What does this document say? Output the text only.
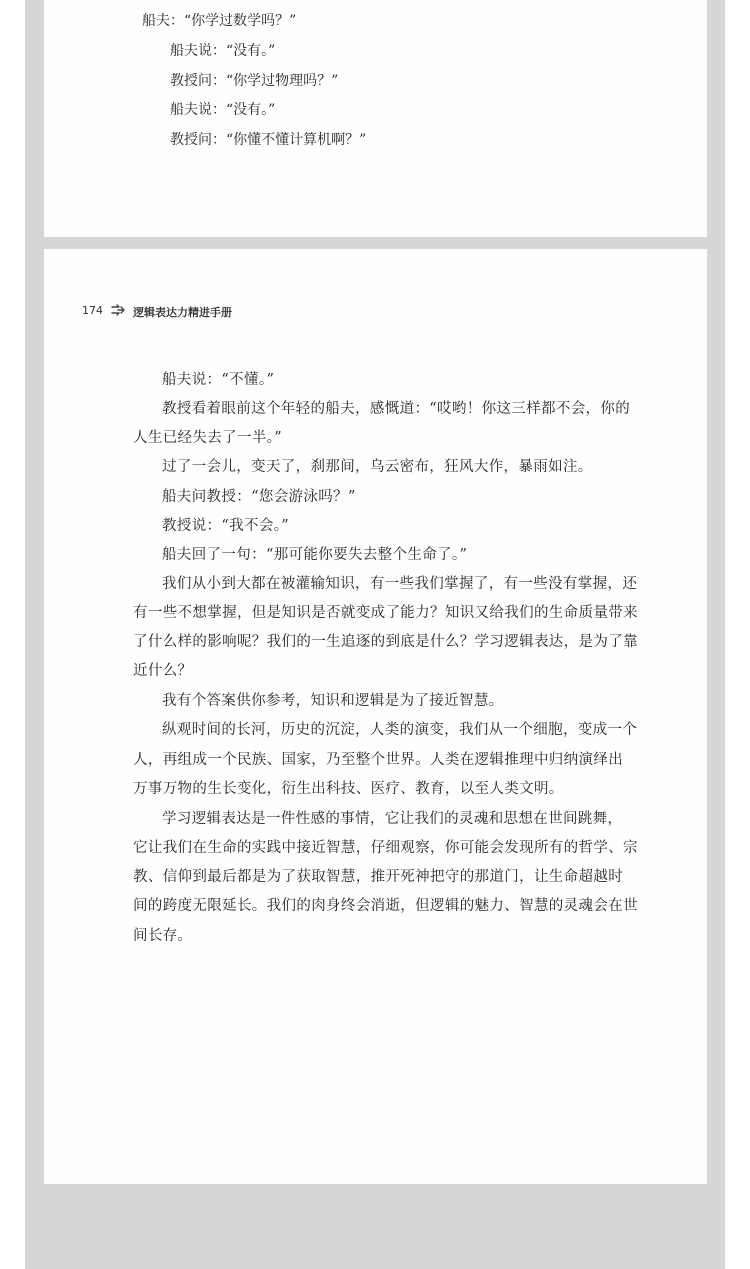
船夫：“你学过数学吗？”
船夫说：“没有。”
教授问：“你学过物理吗？”
船夫说：“没有。”
教授问：“你懂不懂计算机啊？”
174	逻辑表达力精进手册
船夫说：“不懂。”
教授看着眼前这个年轻的船夫，感慨道：“哎哟！你这三样都不会，你的
人生已经失去了一半。”
过了一会儿，变天了，刹那间，乌云密布，狂风大作，暴雨如注。
船夫问教授：“您会游泳吗？”
教授说：“我不会。”
船夫回了一句：“那可能你要失去整个生命了。”
我们从小到大都在被灌输知识，有一些我们掌握了，有一些没有掌握，还
有一些不想掌握，但是知识是否就变成了能力？知识又给我们的生命质量带来
了什么样的影响呢？我们的一生追逐的到底是什么？学习逻辑表达，是为了靠
近什么？
我有个答案供你参考，知识和逻辑是为了接近智慧。
纵观时间的长河，历史的沉淀，人类的演变，我们从一个细胞，变成一个
人，再组成一个民族、国家，乃至整个世界。人类在逻辑推理中归纳演绎出
万事万物的生长变化，衍生出科技、医疗、教育，以至人类文明。
学习逻辑表达是一件性感的事情，它让我们的灵魂和思想在世间跳舞，
它让我们在生命的实践中接近智慧，仔细观察，你可能会发现所有的哲学、宗
教、信仰到最后都是为了获取智慧，推开死神把守的那道门，让生命超越时
间的跨度无限延长。我们的肉身终会消逝，但逻辑的魅力、智慧的灵魂会在世
间长存。
